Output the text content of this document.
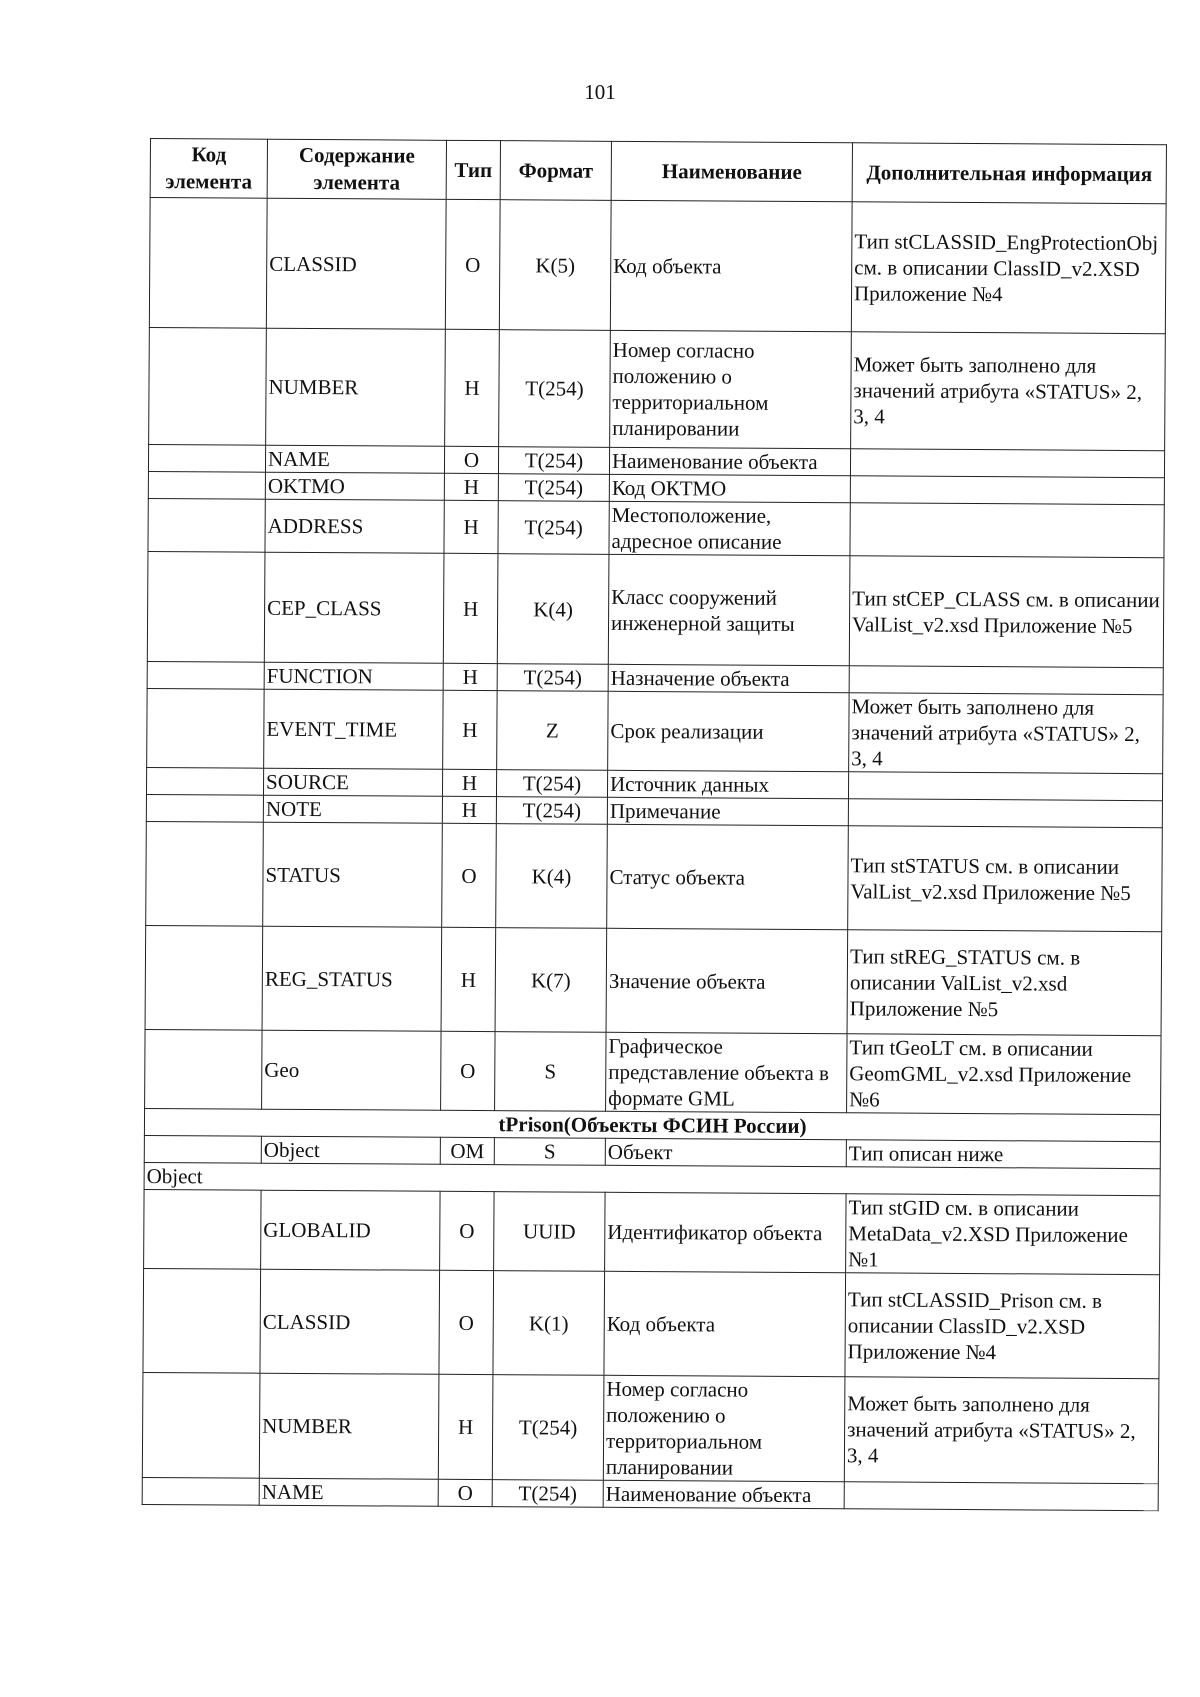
101
Код элемента	Содержание элемента	Тип	Формат	Наименование	Дополнительная информация
	CLASSID	О	K(5)	Код объекта	Тип stCLASSID_EngProtectionObj см. в описании ClassID_v2.XSD Приложение №4
	NUMBER	Н	T(254)	Номер согласно положению о территориальном планировании	Может быть заполнено для значений атрибута «STATUS» 2, 3, 4
	NAME	О	T(254)	Наименование объекта	
	OKTMO	Н	T(254)	Код ОКТМО	
	ADDRESS	Н	T(254)	Местоположение, адресное описание	
	CEP_CLASS	Н	K(4)	Класс сооружений инженерной защиты	Тип stCEP_CLASS см. в описании ValList_v2.xsd Приложение №5
	FUNCTION	Н	T(254)	Назначение объекта	
	EVENT_TIME	Н	Z	Срок реализации	Может быть заполнено для значений атрибута «STATUS» 2, 3, 4
	SOURCE	Н	T(254)	Источник данных	
	NOTE	Н	T(254)	Примечание	
	STATUS	О	K(4)	Статус объекта	Тип stSTATUS см. в описании ValList_v2.xsd Приложение №5
	REG_STATUS	Н	K(7)	Значение объекта	Тип stREG_STATUS см. в описании ValList_v2.xsd Приложение №5
	Geo	О	S	Графическое представление объекта в формате GML	Тип tGeoLT см. в описании GeomGML_v2.xsd Приложение №6
tPrison(Объекты ФСИН России)					
	Object	ОМ	S	Объект	Тип описан ниже
Object					
	GLOBALID	О	UUID	Идентификатор объекта	Тип stGID см. в описании MetaData_v2.XSD Приложение №1
	CLASSID	О	K(1)	Код объекта	Тип stCLASSID_Prison см. в описании ClassID_v2.XSD Приложение №4
	NUMBER	Н	T(254)	Номер согласно положению о территориальном планировании	Может быть заполнено для значений атрибута «STATUS» 2, 3, 4
	NAME	О	T(254)	Наименование объекта	
